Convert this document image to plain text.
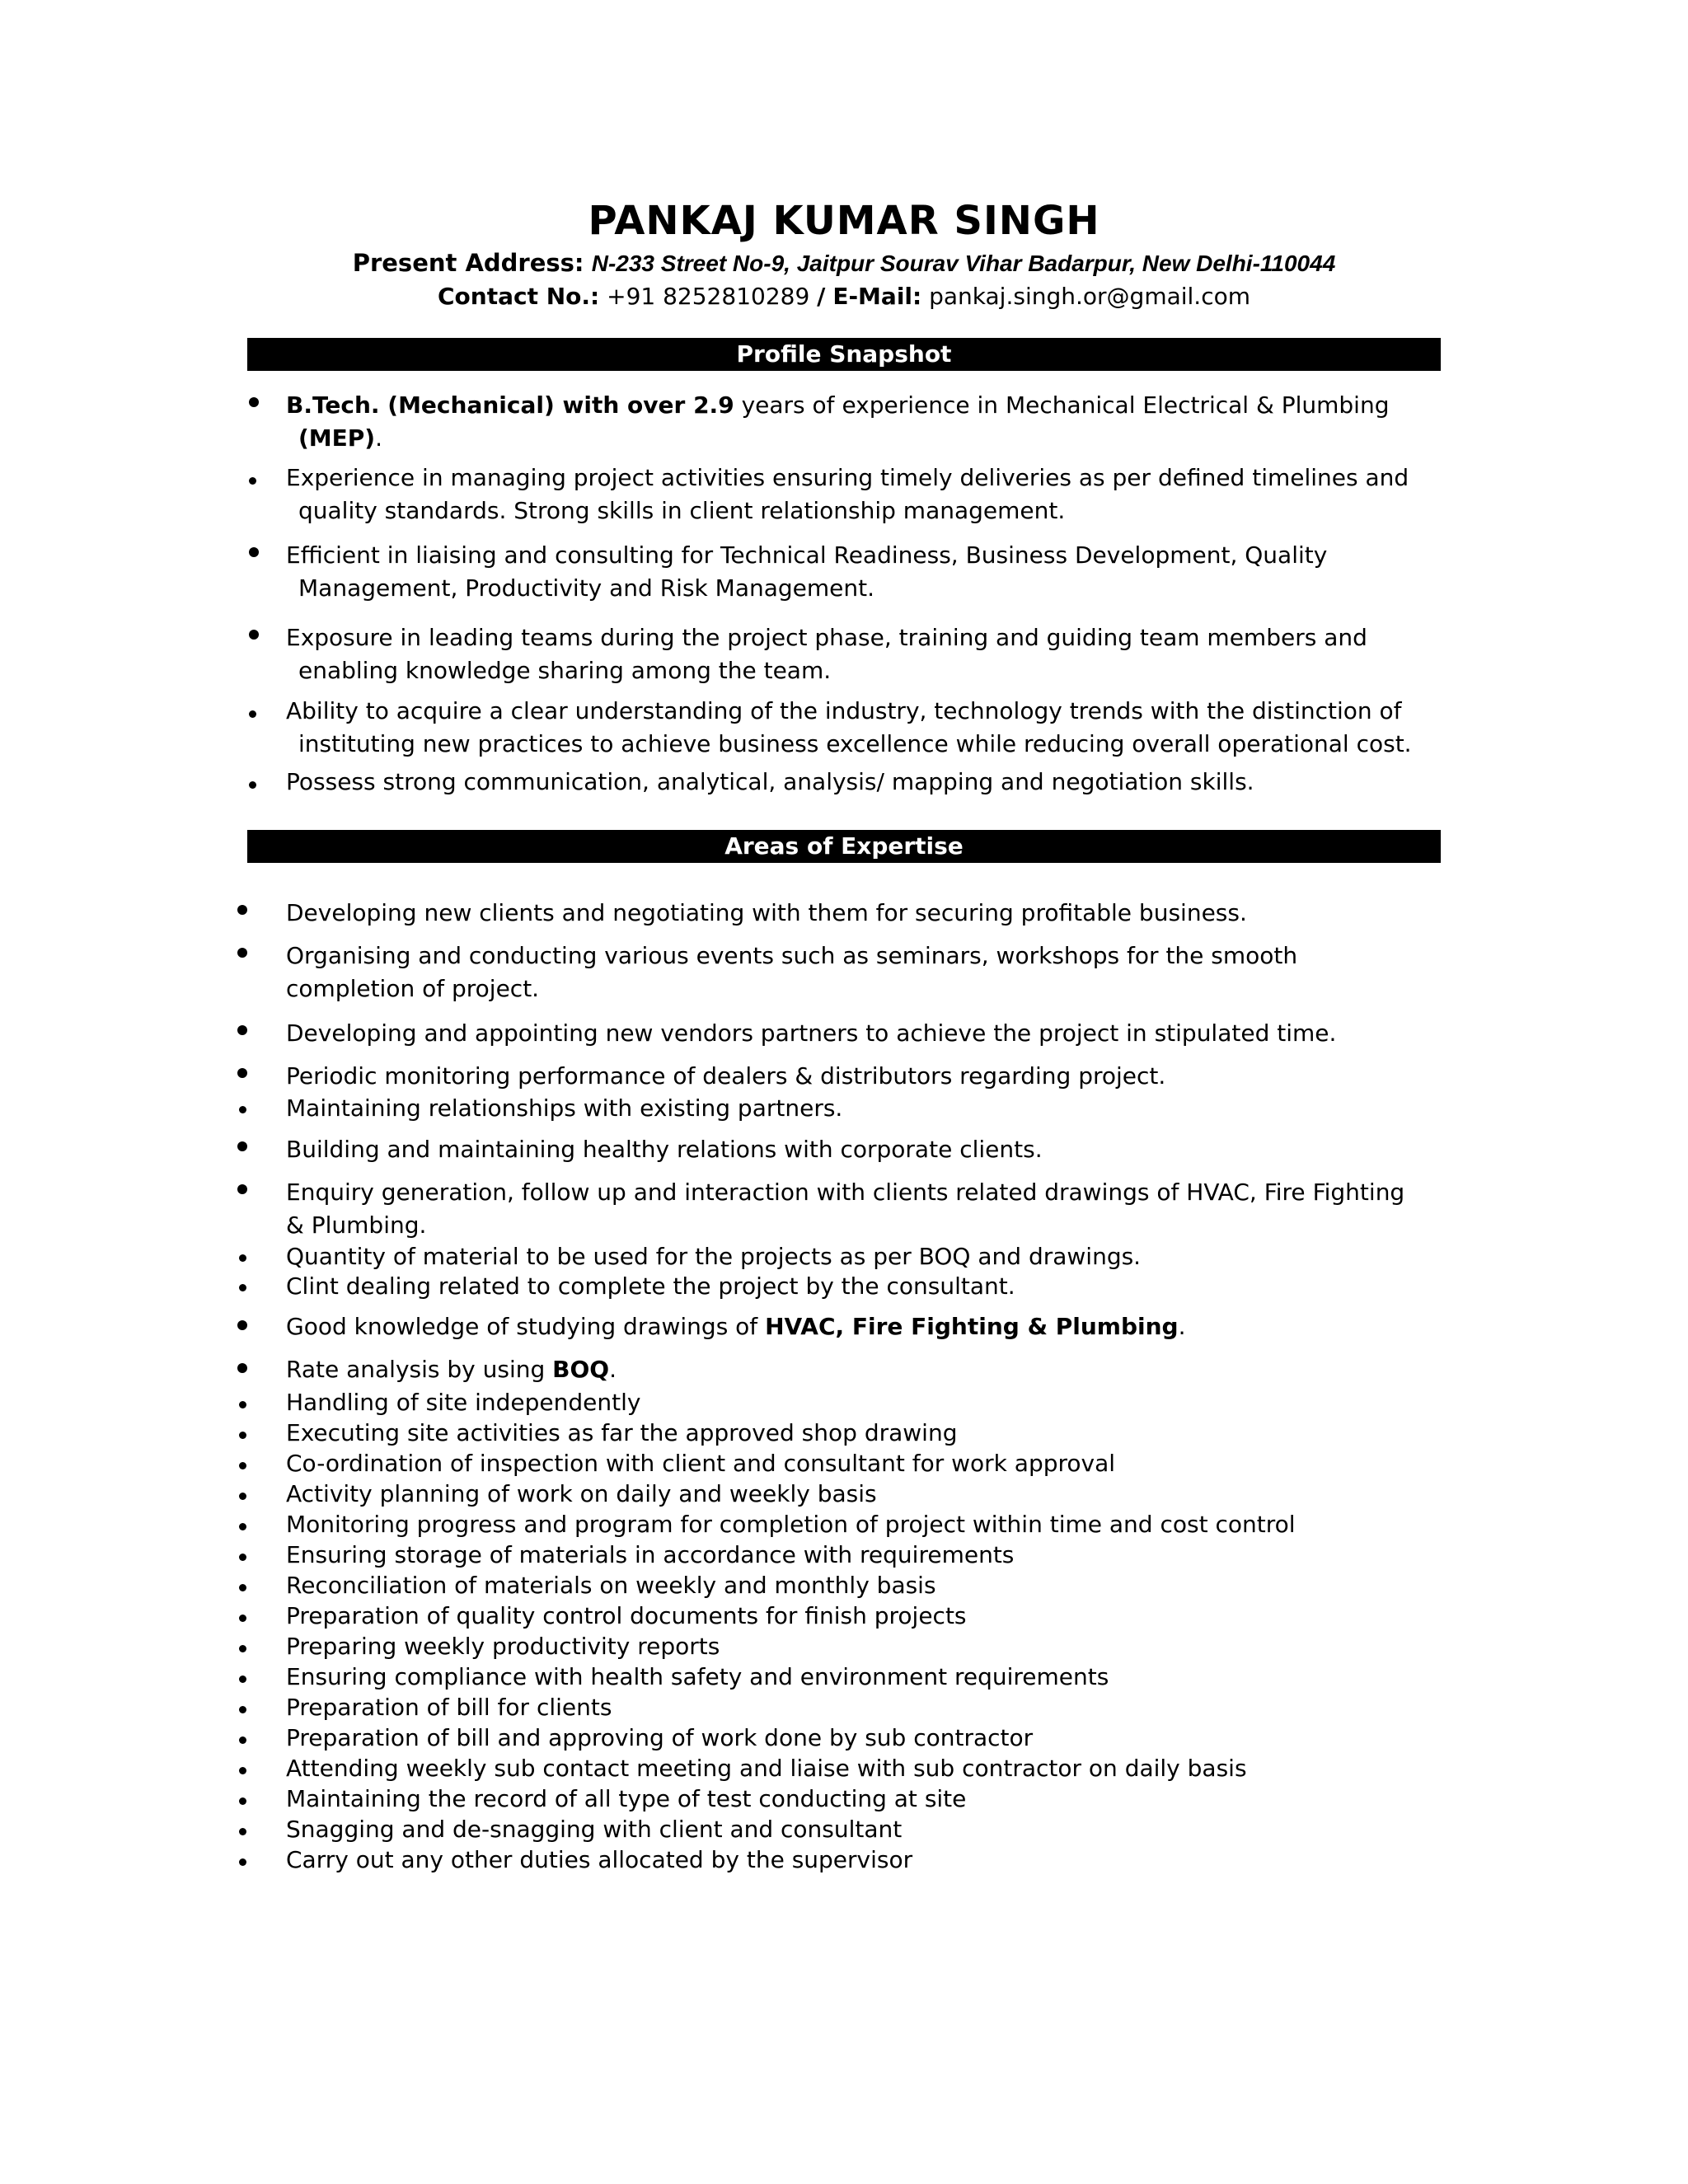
PANKAJ KUMAR SINGH
Present Address: N-233 Street No-9, Jaitpur Sourav Vihar Badarpur, New Delhi-110044
Contact No.: +91 8252810289 / E-Mail: pankaj.singh.or@gmail.com
Profile Snapshot
B.Tech. (Mechanical) with over 2.9 years of experience in Mechanical Electrical & Plumbing
(MEP).
Experience in managing project activities ensuring timely deliveries as per defined timelines and
quality standards. Strong skills in client relationship management.
Efficient in liaising and consulting for Technical Readiness, Business Development, Quality
Management, Productivity and Risk Management.
Exposure in leading teams during the project phase, training and guiding team members and
enabling knowledge sharing among the team.
Ability to acquire a clear understanding of the industry, technology trends with the distinction of
instituting new practices to achieve business excellence while reducing overall operational cost.
Possess strong communication, analytical, analysis/ mapping and negotiation skills.
Areas of Expertise
Developing new clients and negotiating with them for securing profitable business.
Organising and conducting various events such as seminars, workshops for the smooth
completion of project.
Developing and appointing new vendors partners to achieve the project in stipulated time.
Periodic monitoring performance of dealers & distributors regarding project.
Maintaining relationships with existing partners.
Building and maintaining healthy relations with corporate clients.
Enquiry generation, follow up and interaction with clients related drawings of HVAC, Fire Fighting
& Plumbing.
Quantity of material to be used for the projects as per BOQ and drawings.
Clint dealing related to complete the project by the consultant.
Good knowledge of studying drawings of HVAC, Fire Fighting & Plumbing.
Rate analysis by using BOQ.
Handling of site independently
Executing site activities as far the approved shop drawing
Co-ordination of inspection with client and consultant for work approval
Activity planning of work on daily and weekly basis
Monitoring progress and program for completion of project within time and cost control
Ensuring storage of materials in accordance with requirements
Reconciliation of materials on weekly and monthly basis
Preparation of quality control documents for finish projects
Preparing weekly productivity reports
Ensuring compliance with health safety and environment requirements
Preparation of bill for clients
Preparation of bill and approving of work done by sub contractor
Attending weekly sub contact meeting and liaise with sub contractor on daily basis
Maintaining the record of all type of test conducting at site
Snagging and de-snagging with client and consultant
Carry out any other duties allocated by the supervisor
